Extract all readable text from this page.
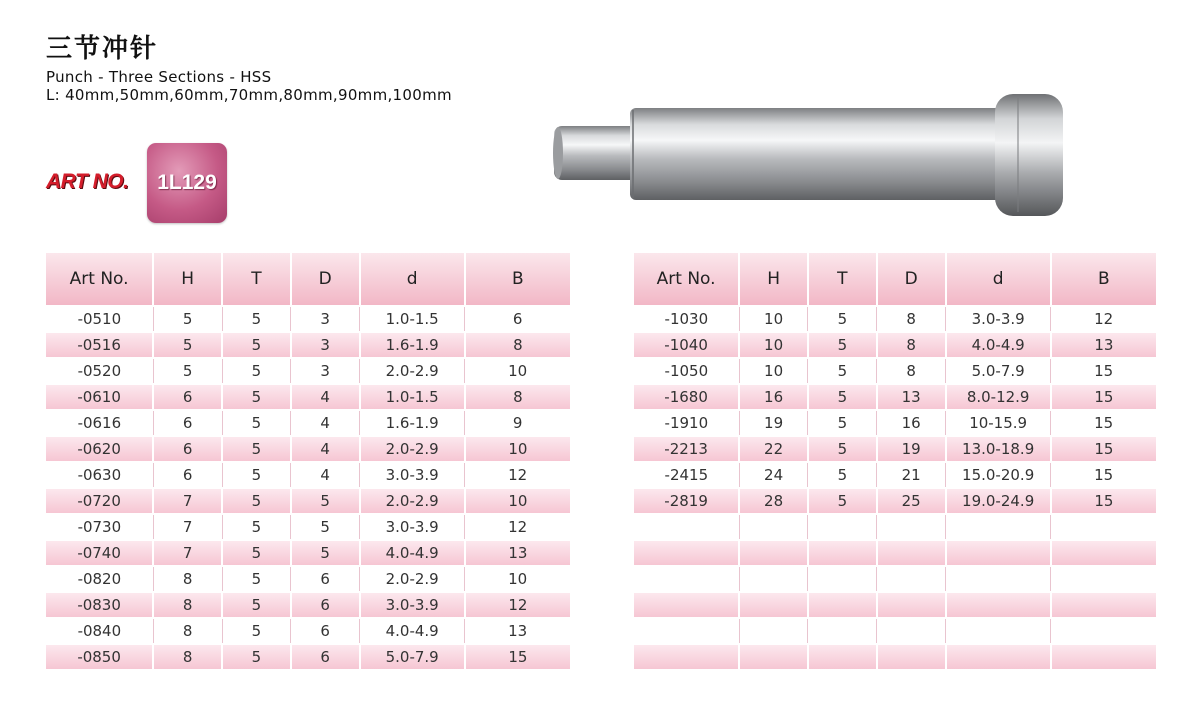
三节冲针
Punch - Three Sections - HSS
L: 40mm,50mm,60mm,70mm,80mm,90mm,100mm
ART NO.	1L129
Art No.	H	T	D	d	B
-0510	5	5	3	1.0-1.5	6
-0516	5	5	3	1.6-1.9	8
-0520	5	5	3	2.0-2.9	10
-0610	6	5	4	1.0-1.5	8
-0616	6	5	4	1.6-1.9	9
-0620	6	5	4	2.0-2.9	10
-0630	6	5	4	3.0-3.9	12
-0720	7	5	5	2.0-2.9	10
-0730	7	5	5	3.0-3.9	12
-0740	7	5	5	4.0-4.9	13
-0820	8	5	6	2.0-2.9	10
-0830	8	5	6	3.0-3.9	12
-0840	8	5	6	4.0-4.9	13
-0850	8	5	6	5.0-7.9	15
Art No.	H	T	D	d	B
-1030	10	5	8	3.0-3.9	12
-1040	10	5	8	4.0-4.9	13
-1050	10	5	8	5.0-7.9	15
-1680	16	5	13	8.0-12.9	15
-1910	19	5	16	10-15.9	15
-2213	22	5	19	13.0-18.9	15
-2415	24	5	21	15.0-20.9	15
-2819	28	5	25	19.0-24.9	15
